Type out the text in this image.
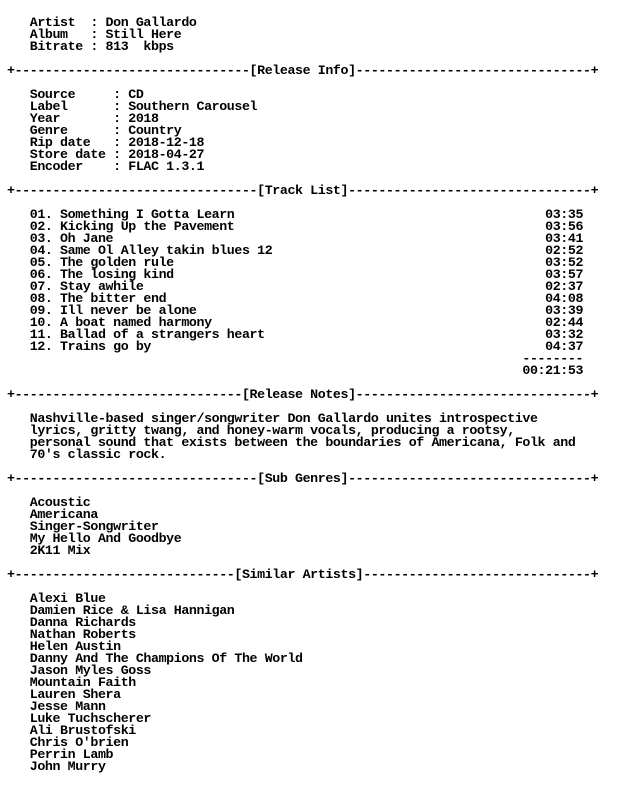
Artist  : Don Gallardo
Album   : Still Here
Bitrate : 813  kbps
+-------------------------------[Release Info]-------------------------------+
Source     : CD
Label      : Southern Carousel
Year       : 2018
Genre      : Country
Rip date   : 2018-12-18
Store date : 2018-04-27
Encoder    : FLAC 1.3.1
+--------------------------------[Track List]--------------------------------+
01. Something I Gotta Learn                                         03:35
02. Kicking Up the Pavement                                         03:56
03. Oh Jane                                                         03:41
04. Same Ol Alley takin blues 12                                    02:52
05. The golden rule                                                 03:52
06. The losing kind                                                 03:57
07. Stay awhile                                                     02:37
08. The bitter end                                                  04:08
09. Ill never be alone                                              03:39
10. A boat named harmony                                            02:44
11. Ballad of a strangers heart                                     03:32
12. Trains go by                                                    04:37
--------
00:21:53
+------------------------------[Release Notes]-------------------------------+
Nashville-based singer/songwriter Don Gallardo unites introspective
lyrics, gritty twang, and honey-warm vocals, producing a rootsy,
personal sound that exists between the boundaries of Americana, Folk and
70's classic rock.
+--------------------------------[Sub Genres]--------------------------------+
Acoustic
Americana
Singer-Songwriter
My Hello And Goodbye
2K11 Mix
+-----------------------------[Similar Artists]------------------------------+
Alexi Blue
Damien Rice & Lisa Hannigan
Danna Richards
Nathan Roberts
Helen Austin
Danny And The Champions Of The World
Jason Myles Goss
Mountain Faith
Lauren Shera
Jesse Mann
Luke Tuchscherer
Ali Brustofski
Chris O'brien
Perrin Lamb
John Murry
